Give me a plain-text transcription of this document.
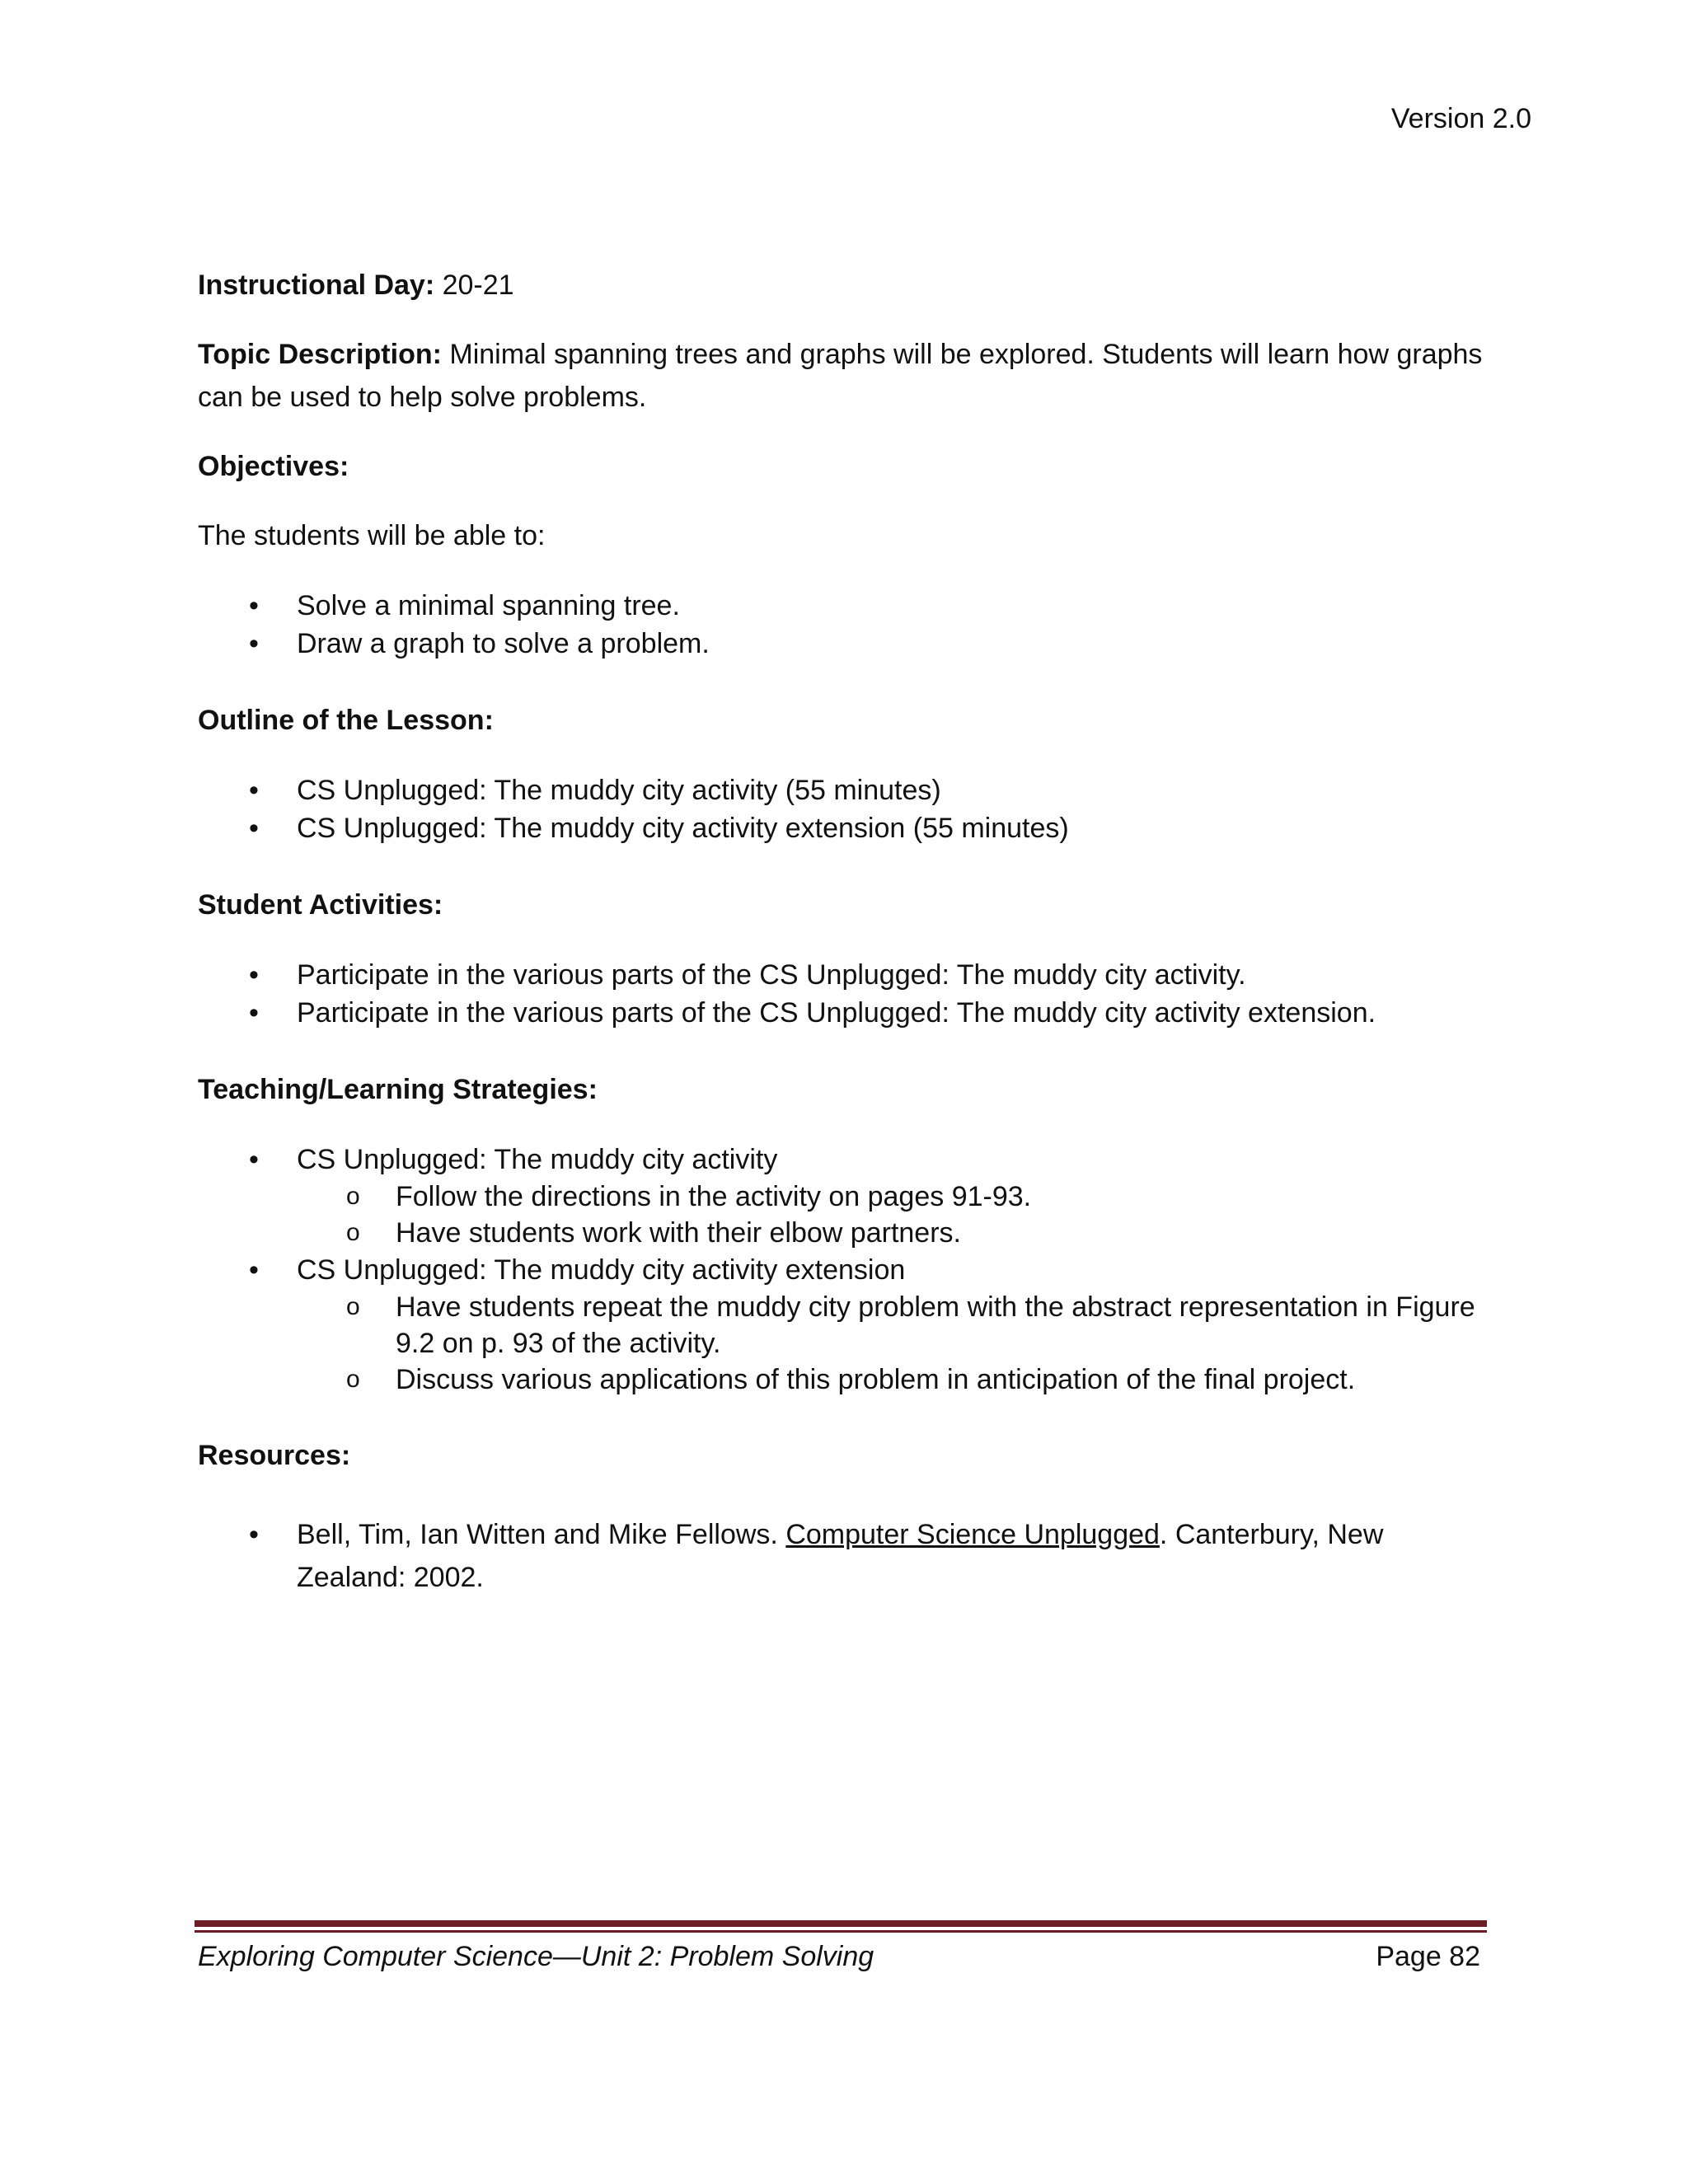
Version 2.0

Instructional Day: 20-21

Topic Description: Minimal spanning trees and graphs will be explored. Students will learn how graphs can be used to help solve problems.

Objectives:

The students will be able to:

• Solve a minimal spanning tree.
• Draw a graph to solve a problem.

Outline of the Lesson:

• CS Unplugged: The muddy city activity (55 minutes)
• CS Unplugged: The muddy city activity extension (55 minutes)

Student Activities:

• Participate in the various parts of the CS Unplugged: The muddy city activity.
• Participate in the various parts of the CS Unplugged: The muddy city activity extension.

Teaching/Learning Strategies:

• CS Unplugged: The muddy city activity
o Follow the directions in the activity on pages 91-93.
o Have students work with their elbow partners.
• CS Unplugged: The muddy city activity extension
o Have students repeat the muddy city problem with the abstract representation in Figure 9.2 on p. 93 of the activity.
o Discuss various applications of this problem in anticipation of the final project.

Resources:

• Bell, Tim, Ian Witten and Mike Fellows. Computer Science Unplugged. Canterbury, New Zealand: 2002.
Exploring Computer Science—Unit 2: Problem Solving	Page 82
